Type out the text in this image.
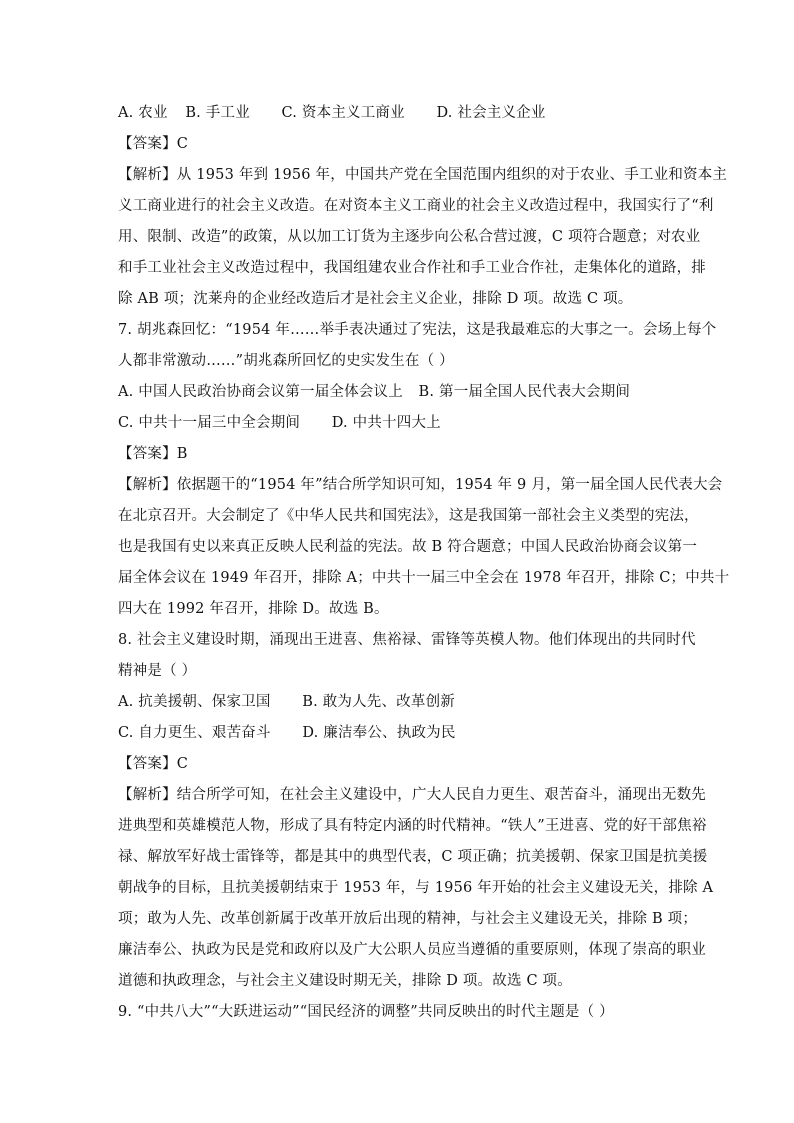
A. 农业 B. 手工业 C. 资本主义工商业 D. 社会主义企业
【答案】C
【解析】从 1953 年到 1956 年，中国共产党在全国范围内组织的对于农业、手工业和资本主
义工商业进行的社会主义改造。在对资本主义工商业的社会主义改造过程中，我国实行了“利
用、限制、改造”的政策，从以加工订货为主逐步向公私合营过渡，C 项符合题意；对农业
和手工业社会主义改造过程中，我国组建农业合作社和手工业合作社，走集体化的道路，排
除 AB 项；沈莱舟的企业经改造后才是社会主义企业，排除 D 项。故选 C 项。
7. 胡兆森回忆：“1954 年……举手表决通过了宪法，这是我最难忘的大事之一。会场上每个
人都非常激动……”胡兆森所回忆的史实发生在（ ）
A. 中国人民政治协商会议第一届全体会议上 B. 第一届全国人民代表大会期间
C. 中共十一届三中全会期间 D. 中共十四大上
【答案】B
【解析】依据题干的“1954 年”结合所学知识可知，1954 年 9 月，第一届全国人民代表大会
在北京召开。大会制定了《中华人民共和国宪法》，这是我国第一部社会主义类型的宪法，
也是我国有史以来真正反映人民利益的宪法。故 B 符合题意；中国人民政治协商会议第一
届全体会议在 1949 年召开，排除 A；中共十一届三中全会在 1978 年召开，排除 C；中共十
四大在 1992 年召开，排除 D。故选 B。
8. 社会主义建设时期，涌现出王进喜、焦裕禄、雷锋等英模人物。他们体现出的共同时代
精神是（ ）
A. 抗美援朝、保家卫国 B. 敢为人先、改革创新
C. 自力更生、艰苦奋斗 D. 廉洁奉公、执政为民
【答案】C
【解析】结合所学可知，在社会主义建设中，广大人民自力更生、艰苦奋斗，涌现出无数先
进典型和英雄模范人物，形成了具有特定内涵的时代精神。“铁人”王进喜、党的好干部焦裕
禄、解放军好战士雷锋等，都是其中的典型代表，C 项正确；抗美援朝、保家卫国是抗美援
朝战争的目标，且抗美援朝结束于 1953 年，与 1956 年开始的社会主义建设无关，排除 A
项；敢为人先、改革创新属于改革开放后出现的精神，与社会主义建设无关，排除 B 项；
廉洁奉公、执政为民是党和政府以及广大公职人员应当遵循的重要原则，体现了崇高的职业
道德和执政理念，与社会主义建设时期无关，排除 D 项。故选 C 项。
9. “中共八大”“大跃进运动”“国民经济的调整”共同反映出的时代主题是（ ）
